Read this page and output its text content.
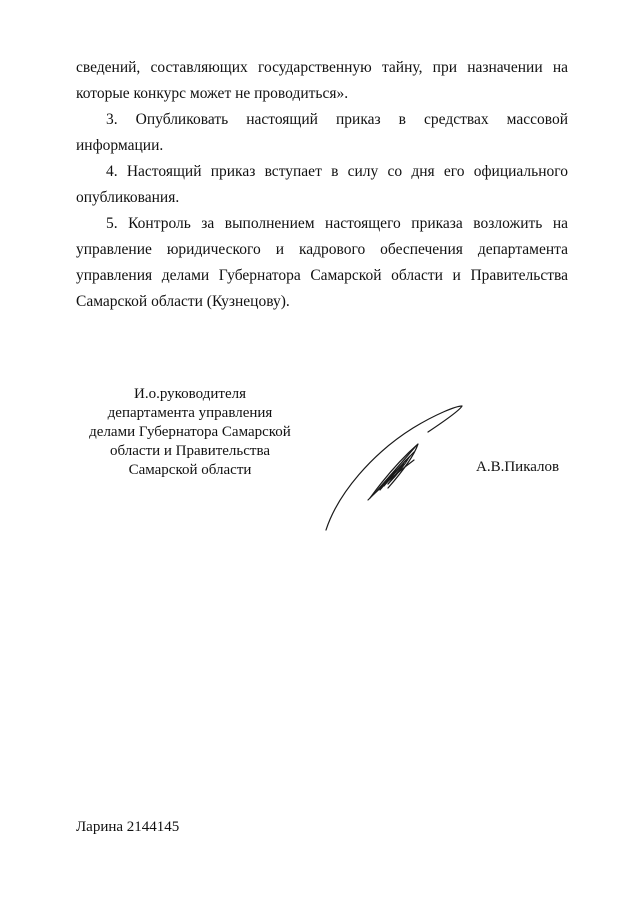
сведений, составляющих государственную тайну, при назначении на которые конкурс может не проводиться».

3. Опубликовать настоящий приказ в средствах массовой информации.

4. Настоящий приказ вступает в силу со дня его официального опубликования.

5. Контроль за выполнением настоящего приказа возложить на управление юридического и кадрового обеспечения департамента управления делами Губернатора Самарской области и Правительства Самарской области (Кузнецову).

И.о.руководителя
департамента управления
делами Губернатора Самарской
области и Правительства
Самарской области	А.В.Пикалов
Ларина 2144145
